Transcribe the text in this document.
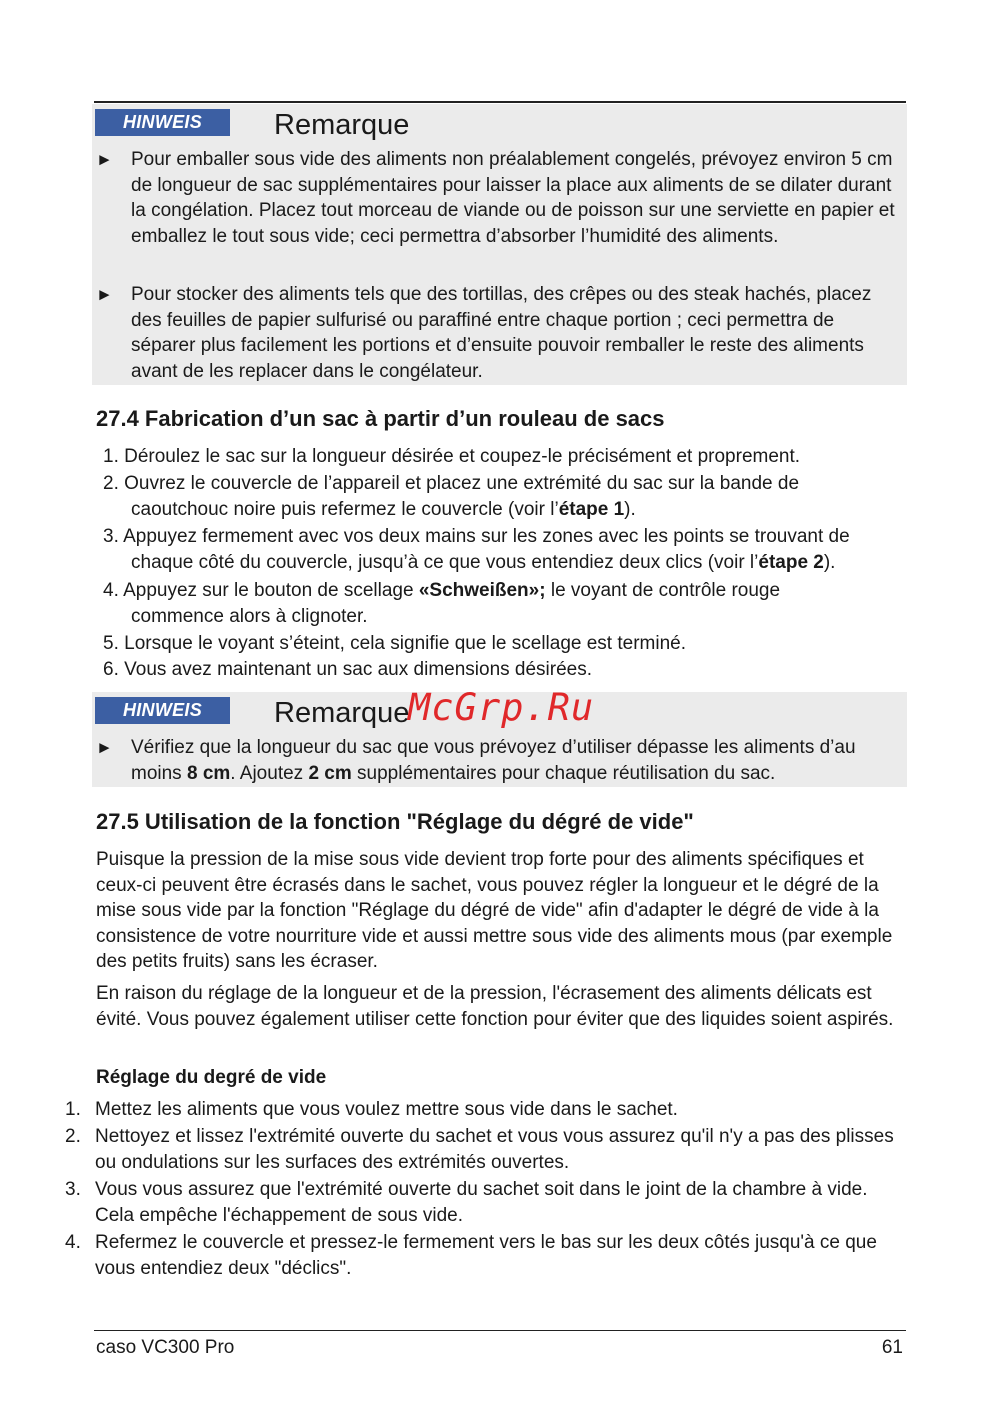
HINWEIS	Remarque
► Pour emballer sous vide des aliments non préalablement congelés, prévoyez environ 5 cm de longueur de sac supplémentaires pour laisser la place aux aliments de se dilater durant la congélation. Placez tout morceau de viande ou de poisson sur une serviette en papier et emballez le tout sous vide; ceci permettra d’absorber l’humidité des aliments.
► Pour stocker des aliments tels que des tortillas, des crêpes ou des steak hachés, placez des feuilles de papier sulfurisé ou paraffiné entre chaque portion ; ceci permettra de séparer plus facilement les portions et d’ensuite pouvoir remballer le reste des aliments avant de les replacer dans le congélateur.
27.4 Fabrication d’un sac à partir d’un rouleau de sacs
1. Déroulez le sac sur la longueur désirée et coupez-le précisément et proprement.
2. Ouvrez le couvercle de l’appareil et placez une extrémité du sac sur la bande de
caoutchouc noire puis refermez le couvercle (voir l’étape 1).
3. Appuyez fermement avec vos deux mains sur les zones avec les points se trouvant de
chaque côté du couvercle, jusqu’à ce que vous entendiez deux clics (voir l’étape 2).
4. Appuyez sur le bouton de scellage «Schweißen»; le voyant de contrôle rouge
commence alors à clignoter.
5. Lorsque le voyant s’éteint, cela signifie que le scellage est terminé.
6. Vous avez maintenant un sac aux dimensions désirées.
HINWEIS	Remarque
► Vérifiez que la longueur du sac que vous prévoyez d’utiliser dépasse les aliments d’au moins 8 cm. Ajoutez 2 cm supplémentaires pour chaque réutilisation du sac.
McGrp.Ru
27.5 Utilisation de la fonction "Réglage du dégré de vide"
Puisque la pression de la mise sous vide devient trop forte pour des aliments spécifiques et ceux-ci peuvent être écrasés dans le sachet, vous pouvez régler la longueur et le dégré de la mise sous vide par la fonction "Réglage du dégré de vide" afin d'adapter le dégré de vide à la consistence de votre nourriture vide et aussi mettre sous vide des aliments mous (par exemple des petits fruits) sans les écraser.
En raison du réglage de la longueur et de la pression, l'écrasement des aliments délicats est évité. Vous pouvez également utiliser cette fonction pour éviter que des liquides soient aspirés.
Réglage du degré de vide
1. Mettez les aliments que vous voulez mettre sous vide dans le sachet.
2. Nettoyez et lissez l'extrémité ouverte du sachet et vous vous assurez qu'il n'y a pas des plisses ou ondulations sur les surfaces des extrémités ouvertes.
3. Vous vous assurez que l'extrémité ouverte du sachet soit dans le joint de la chambre à vide. Cela empêche l'échappement de sous vide.
4. Refermez le couvercle et pressez-le fermement vers le bas sur les deux côtés jusqu'à ce que vous entendiez deux "déclics".
caso VC300 Pro	61
